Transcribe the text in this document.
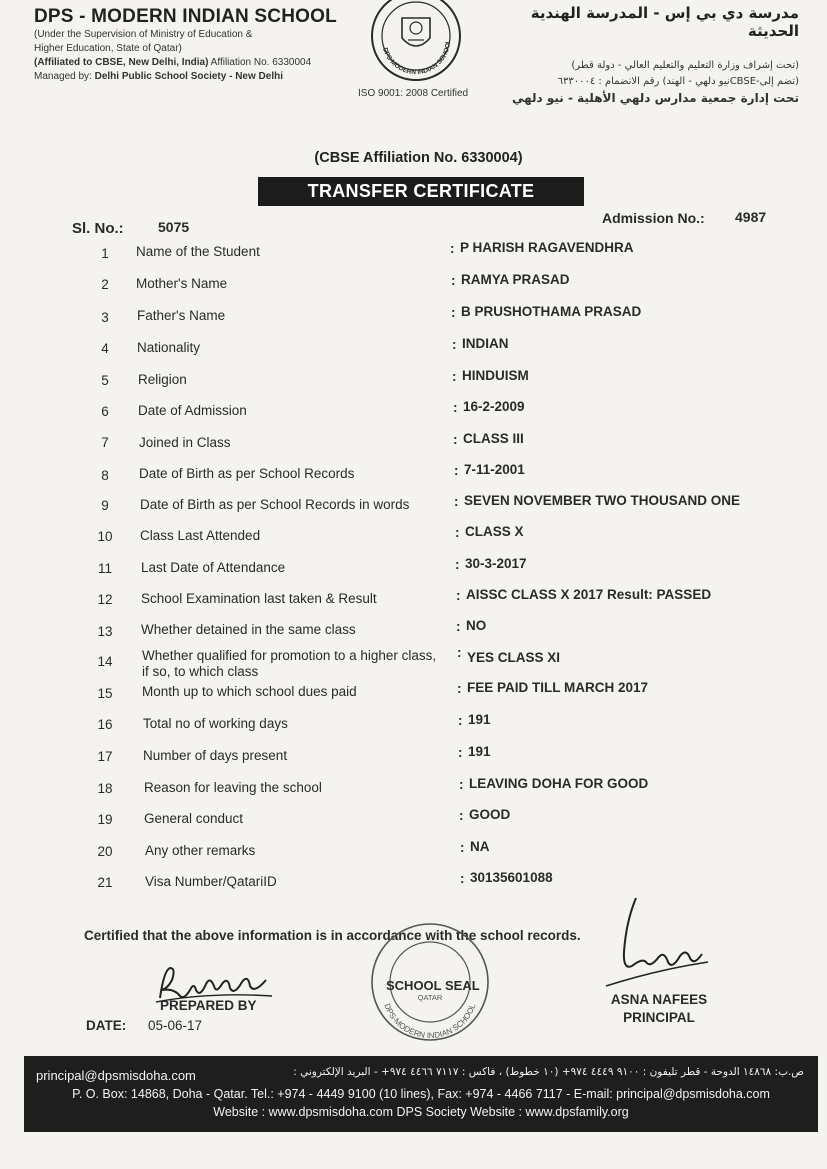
DPS - MODERN INDIAN SCHOOL
(Under the Supervision of Ministry of Education &
Higher Education, State of Qatar)
(Affiliated to CBSE, New Delhi, India) Affiliation No. 6330004
Managed by: Delhi Public School Society - New Delhi
DPS-MODERN INDIAN SCHOOL
ISO 9001: 2008 Certified
مدرسة دي بي إس - المدرسة الهندية الحديثة
(تحت إشراف وزارة التعليم والتعليم العالي - دولة قطر)
(تضم إلى-CBSEنيو دلهي - الهند) رقم الانضمام : ٦٣٣٠٠٠٤
تحت إدارة جمعية مدارس دلهي الأهلية - نيو دلهي
(CBSE Affiliation No. 6330004)
TRANSFER CERTIFICATE
Sl. No.: 5075
Admission No.: 4987
1	Name of the Student	: P HARISH RAGAVENDHRA
2	Mother's Name	: RAMYA PRASAD
3	Father's Name	: B PRUSHOTHAMA PRASAD
4	Nationality	: INDIAN
5	Religion	: HINDUISM
6	Date of Admission	: 16-2-2009
7	Joined in Class	: CLASS III
8	Date of Birth as per School Records	: 7-11-2001
9	Date of Birth as per School Records in words	: SEVEN NOVEMBER TWO THOUSAND ONE
10	Class Last Attended	: CLASS X
11	Last Date of Attendance	: 30-3-2017
12	School Examination last taken & Result	: AISSC CLASS X 2017 Result: PASSED
13	Whether detained in the same class	: NO
14	Whether qualified for promotion to a higher class,
if so, to which class
: YES CLASS XI
15	Month up to which school dues paid	: FEE PAID TILL MARCH 2017
16	Total no of working days	: 191
17	Number of days present	: 191
18	Reason for leaving the school	: LEAVING DOHA FOR GOOD
19	General conduct	: GOOD
20	Any other remarks	: NA
21	Visa Number/QatariID	: 30135601088
Certified that the above information is in accordance with the school records.
PREPARED BY
DATE: 05-06-17
DPS-MODERN INDIAN SCHOOL
QATAR
SCHOOL SEAL
ASNA NAFEES
PRINCIPAL
principal@dpsmisdoha.com	ص.ب: ١٤٨٦٨ الدوحة - قطر تليفون : ٩١٠٠ ٤٤٤٩ ٩٧٤+ (١٠ خطوط) ، فاكس : ٧١١٧ ٤٤٦٦ ٩٧٤+ - البريد الإلكتروني :
P. O. Box: 14868, Doha - Qatar. Tel.: +974 - 4449 9100 (10 lines), Fax: +974 - 4466 7117 - E-mail: principal@dpsmisdoha.com
Website : www.dpsmisdoha.com DPS Society Website : www.dpsfamily.org
